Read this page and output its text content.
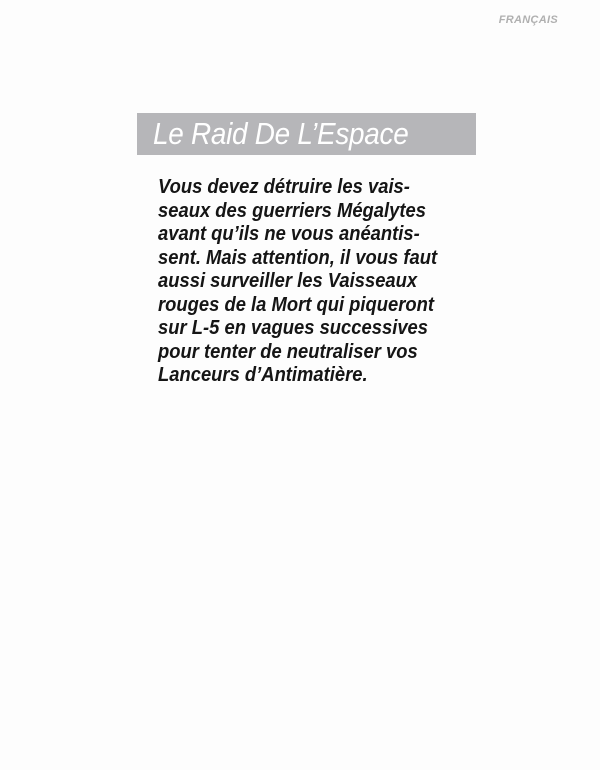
FRANÇAIS
Le Raid De L’Espace
Vous devez détruire les vais-
seaux des guerriers Mégalytes
avant qu’ils ne vous anéantis-
sent. Mais attention, il vous faut
aussi surveiller les Vaisseaux
rouges de la Mort qui piqueront
sur L-5 en vagues successives
pour tenter de neutraliser vos
Lanceurs d’Antimatière.
